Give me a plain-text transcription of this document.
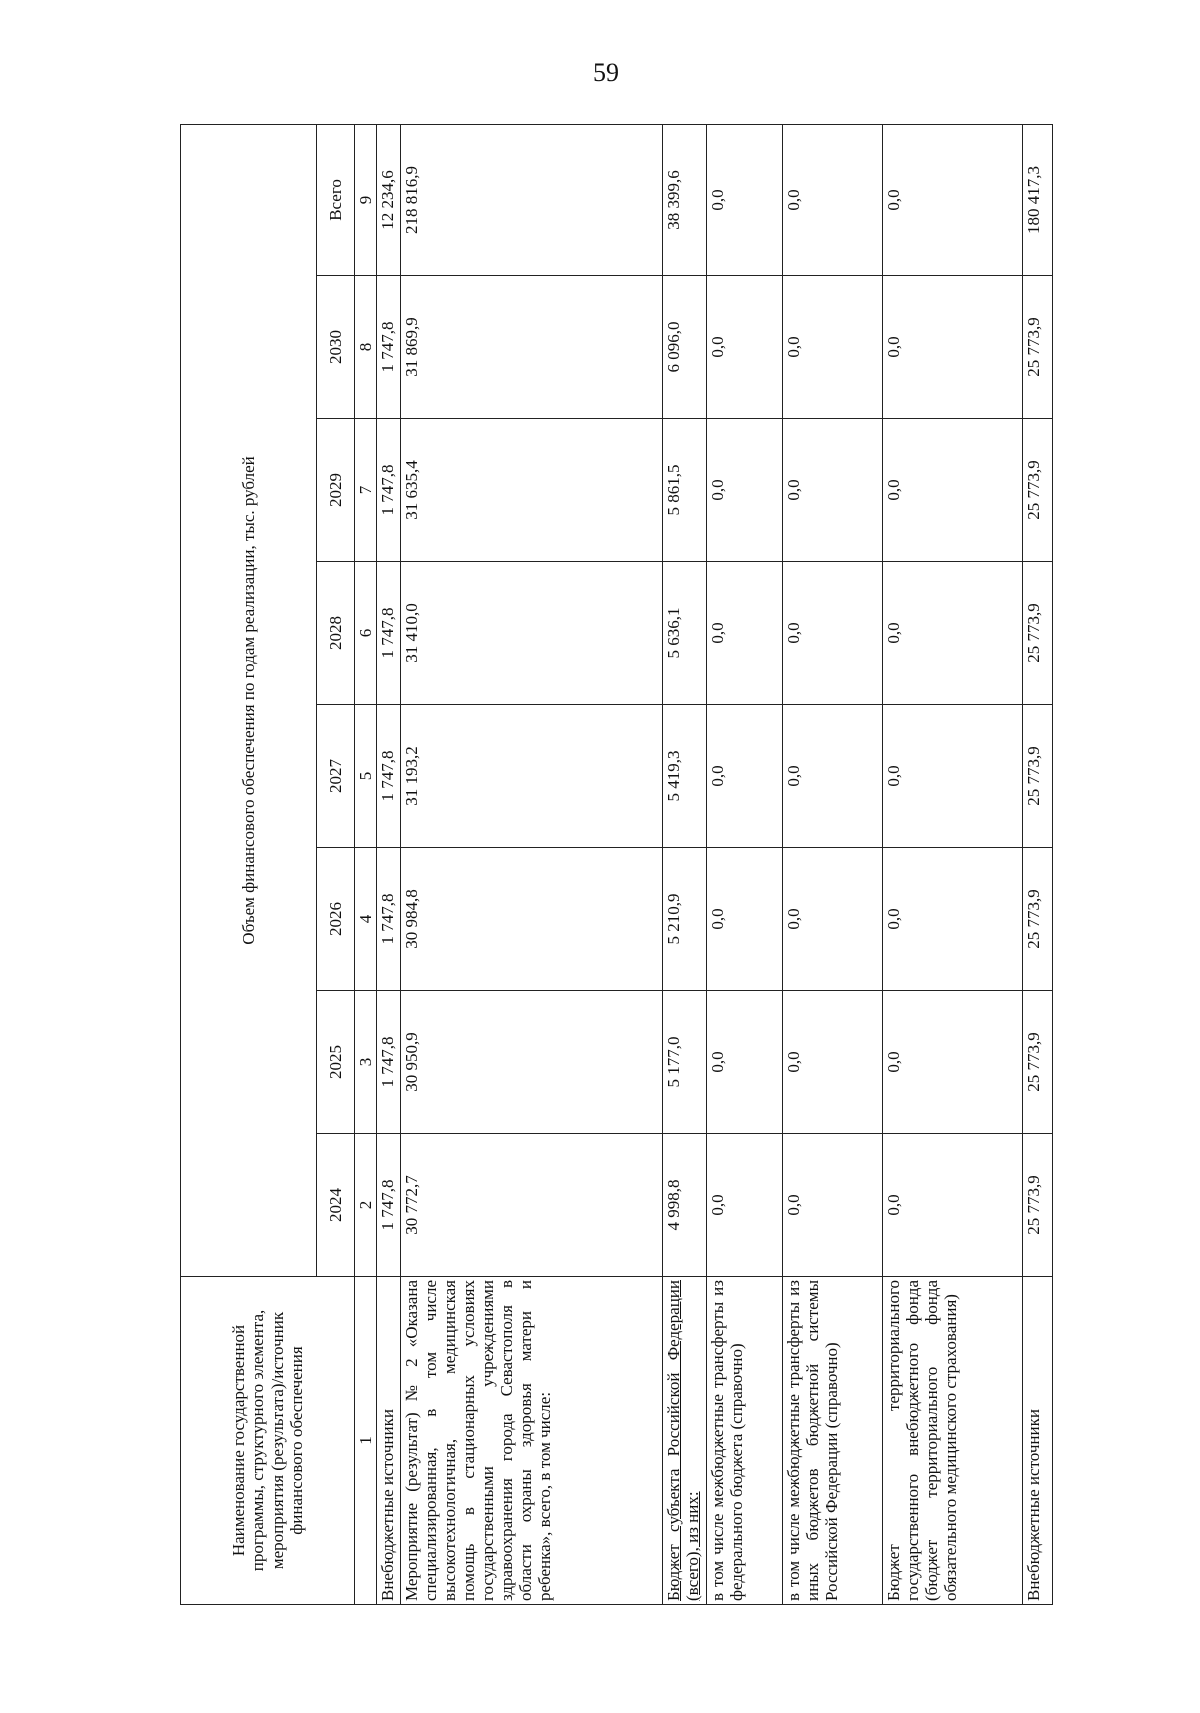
59
Наименование государственной программы, структурного элемента, мероприятия (результата)/источник финансового обеспечения	Объем финансового обеспечения по годам реализации, тыс. рублей							
	2024	2025	2026	2027	2028	2029	2030	Всего
1	2	3	4	5	6	7	8	9
Внебюджетные источники	1 747,8	1 747,8	1 747,8	1 747,8	1 747,8	1 747,8	1 747,8	12 234,6
Мероприятие (результат) № 2 «Оказана специализированная, в том числе высокотехнологичная, медицинская помощь в стационарных условиях государственными учреждениями здравоохранения города Севастополя в области охраны здоровья матери и ребенка», всего, в том числе:	30 772,7	30 950,9	30 984,8	31 193,2	31 410,0	31 635,4	31 869,9	218 816,9
Бюджет субъекта Российской Федерации (всего), из них:	4 998,8	5 177,0	5 210,9	5 419,3	5 636,1	5 861,5	6 096,0	38 399,6
в том числе межбюджетные трансферты из федерального бюджета (справочно)	0,0	0,0	0,0	0,0	0,0	0,0	0,0	0,0
в том числе межбюджетные трансферты из иных бюджетов бюджетной системы Российской Федерации (справочно)	0,0	0,0	0,0	0,0	0,0	0,0	0,0	0,0
Бюджет территориального государственного внебюджетного фонда (бюджет территориального фонда обязательного медицинского страхования)	0,0	0,0	0,0	0,0	0,0	0,0	0,0	0,0
Внебюджетные источники	25 773,9	25 773,9	25 773,9	25 773,9	25 773,9	25 773,9	25 773,9	180 417,3
